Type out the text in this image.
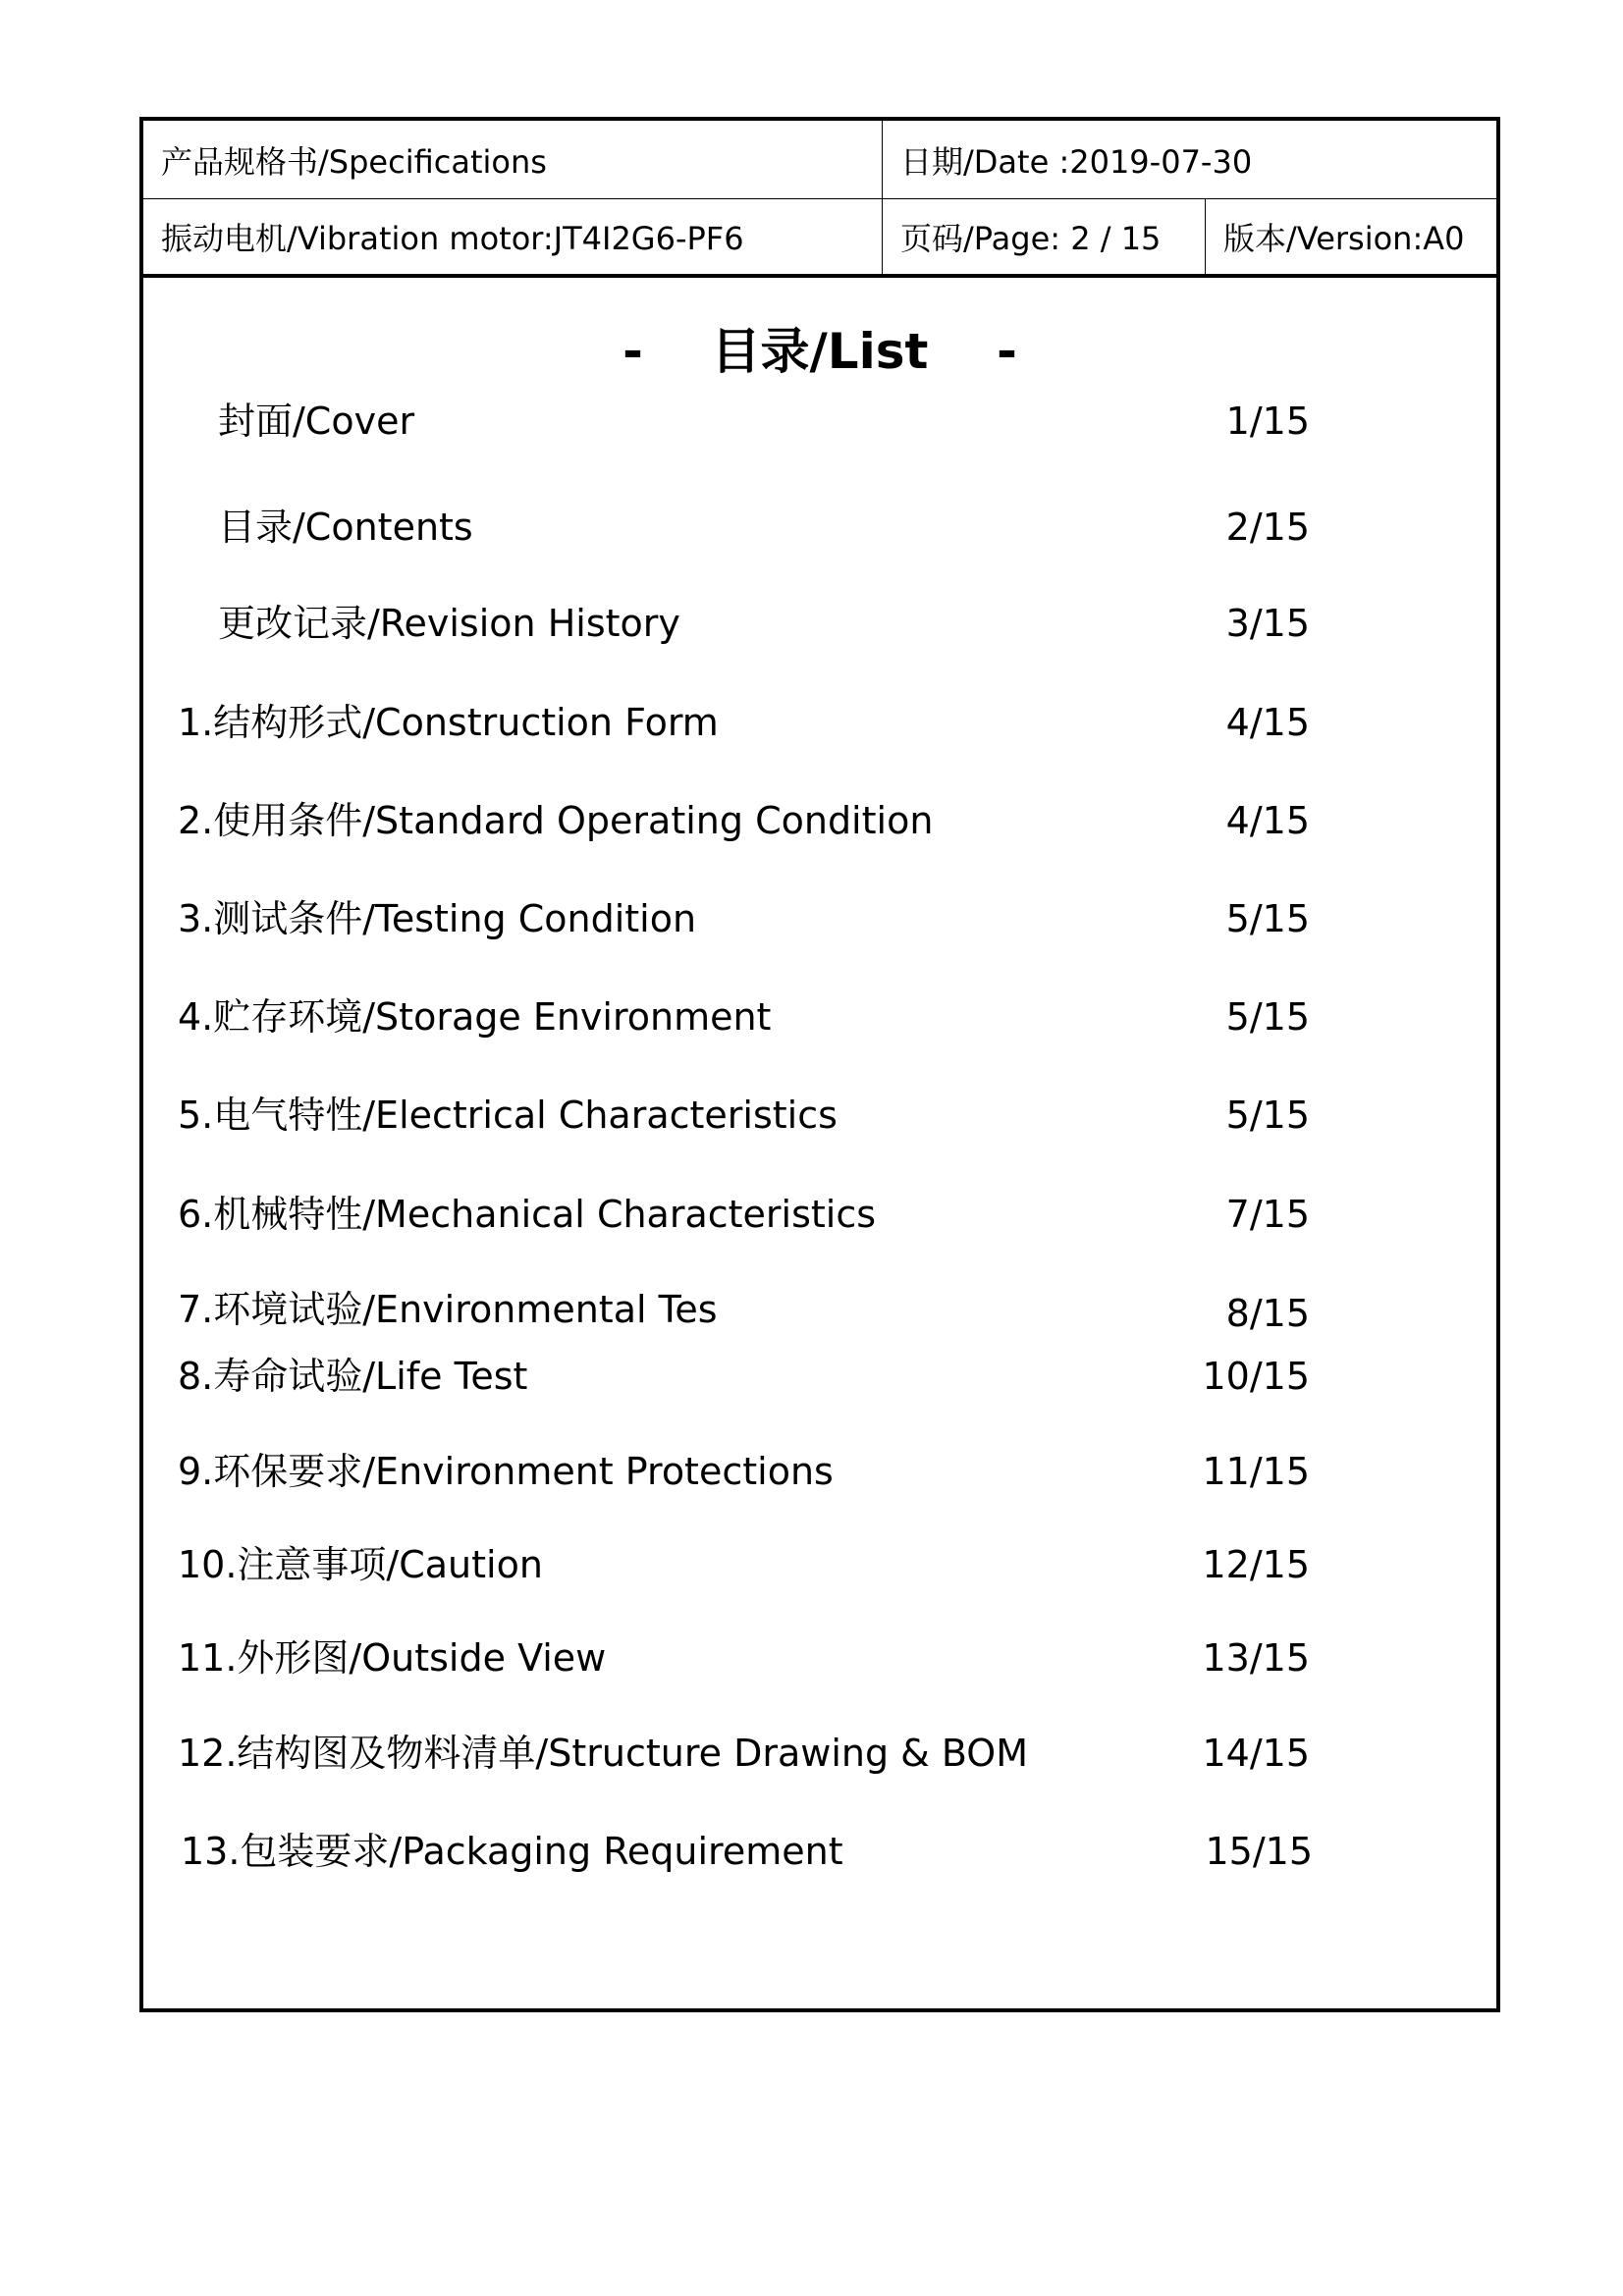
产品规格书/Specifications	日期/Date :2019-07-30
振动电机/Vibration motor:JT4I2G6-PF6	页码/Page: 2 / 15	版本/Version:A0
-    目录/List    -
封面/Cover	1/15
目录/Contents	2/15
更改记录/Revision History	3/15
1.结构形式/Construction Form	4/15
2.使用条件/Standard Operating Condition	4/15
3.测试条件/Testing Condition	5/15
4.贮存环境/Storage Environment	5/15
5.电气特性/Electrical Characteristics	5/15
6.机械特性/Mechanical Characteristics	7/15
7.环境试验/Environmental Tes	8/15
8.寿命试验/Life Test	10/15
9.环保要求/Environment Protections	11/15
10.注意事项/Caution	12/15
11.外形图/Outside View	13/15
12.结构图及物料清单/Structure Drawing & BOM	14/15
13.包装要求/Packaging Requirement	15/15
